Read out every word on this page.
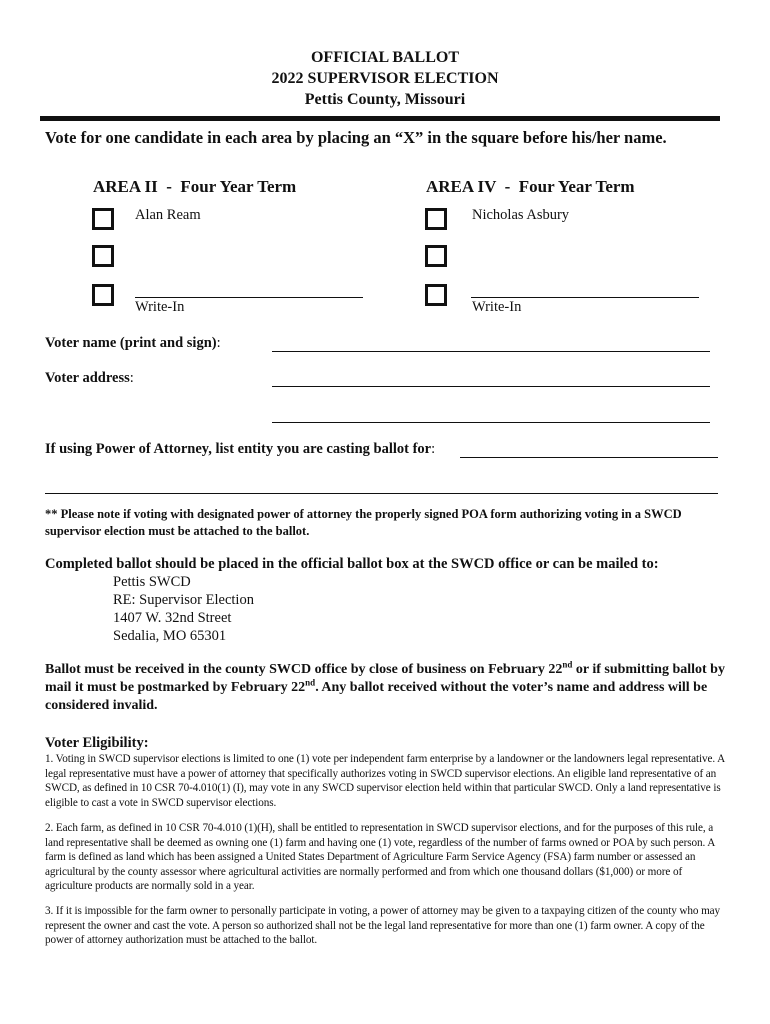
OFFICIAL BALLOT
2022 SUPERVISOR ELECTION
Pettis County, Missouri
Vote for one candidate in each area by placing an “X” in the square before his/her name.
AREA II  -  Four Year Term
Alan Ream
Write-In
AREA IV  -  Four Year Term
Nicholas Asbury
Write-In
Voter name (print and sign):
Voter address:
If using Power of Attorney, list entity you are casting ballot for:
** Please note if voting with designated power of attorney the properly signed POA form authorizing voting in a SWCD supervisor election must be attached to the ballot.
Completed ballot should be placed in the official ballot box at the SWCD office or can be mailed to:
Pettis SWCD
RE: Supervisor Election
1407 W. 32nd Street
Sedalia, MO 65301
Ballot must be received in the county SWCD office by close of business on February 22nd or if submitting ballot by mail it must be postmarked by February 22nd. Any ballot received without the voter’s name and address will be considered invalid.
Voter Eligibility:
1. Voting in SWCD supervisor elections is limited to one (1) vote per independent farm enterprise by a landowner or the landowners legal representative. A legal representative must have a power of attorney that specifically authorizes voting in SWCD supervisor elections. An eligible land representative of an SWCD, as defined in 10 CSR 70-4.010(1) (I), may vote in any SWCD supervisor election held within that particular SWCD. Only a land representative is eligible to cast a vote in SWCD supervisor elections.
2. Each farm, as defined in 10 CSR 70-4.010 (1)(H), shall be entitled to representation in SWCD supervisor elections, and for the purposes of this rule, a land representative shall be deemed as owning one (1) farm and having one (1) vote, regardless of the number of farms owned or POA by such person. A farm is defined as land which has been assigned a United States Department of Agriculture Farm Service Agency (FSA) farm number or assessed an agricultural by the county assessor where agricultural activities are normally performed and from which one thousand dollars ($1,000) or more of agriculture products are normally sold in a year.
3. If it is impossible for the farm owner to personally participate in voting, a power of attorney may be given to a taxpaying citizen of the county who may represent the owner and cast the vote. A person so authorized shall not be the legal land representative for more than one (1) farm owner. A copy of the power of attorney authorization must be attached to the ballot.
